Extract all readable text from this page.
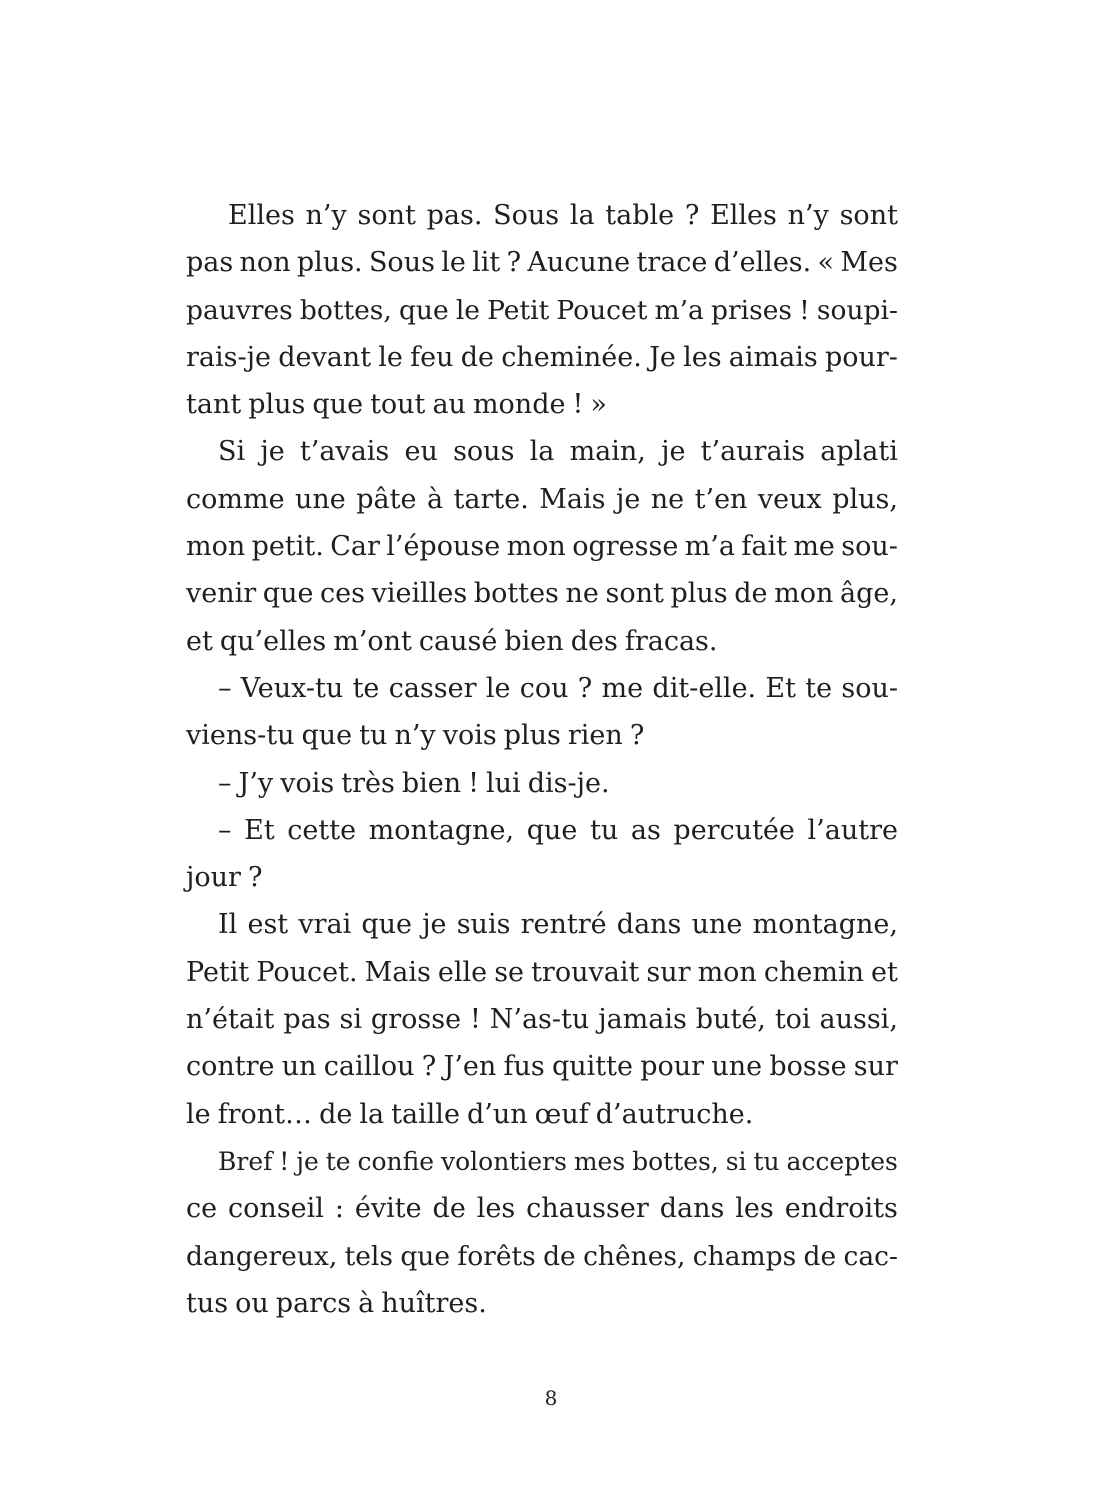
Elles n’y sont pas. Sous la table ? Elles n’y sont
pas non plus. Sous le lit ? Aucune trace d’elles. « Mes
pauvres bottes, que le Petit Poucet m’a prises ! soupi-
rais-je devant le feu de cheminée. Je les aimais pour-
tant plus que tout au monde ! »
Si je t’avais eu sous la main, je t’aurais aplati
comme une pâte à tarte. Mais je ne t’en veux plus,
mon petit. Car l’épouse mon ogresse m’a fait me sou-
venir que ces vieilles bottes ne sont plus de mon âge,
et qu’elles m’ont causé bien des fracas.
– Veux-tu te casser le cou ? me dit-elle. Et te sou-
viens-tu que tu n’y vois plus rien ?
– J’y vois très bien ! lui dis-je.
– Et cette montagne, que tu as percutée l’autre
jour ?
Il est vrai que je suis rentré dans une montagne,
Petit Poucet. Mais elle se trouvait sur mon chemin et
n’était pas si grosse ! N’as-tu jamais buté, toi aussi,
contre un caillou ? J’en fus quitte pour une bosse sur
le front… de la taille d’un œuf d’autruche.
Bref ! je te confie volontiers mes bottes, si tu acceptes
ce conseil : évite de les chausser dans les endroits
dangereux, tels que forêts de chênes, champs de cac-
tus ou parcs à huîtres.
8
